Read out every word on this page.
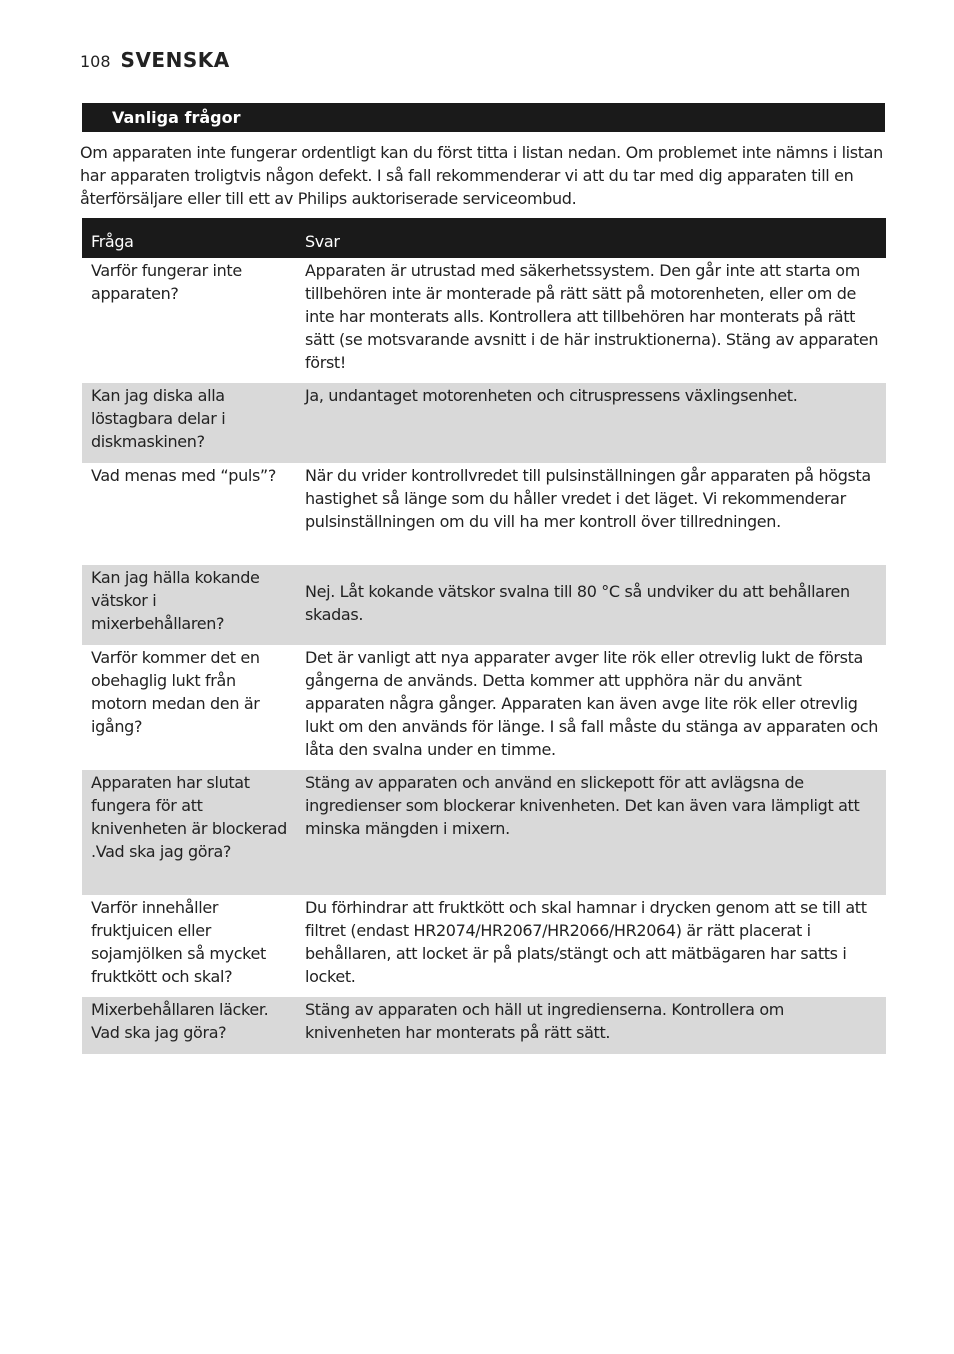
108 SVENSKA
Vanliga frågor

Om apparaten inte fungerar ordentligt kan du först titta i listan nedan. Om problemet inte nämns i listan har apparaten troligtvis någon defekt. I så fall rekommenderar vi att du tar med dig apparaten till en återförsäljare eller till ett av Philips auktoriserade serviceombud.

Fråga	Svar
Varför fungerar inte apparaten?	Apparaten är utrustad med säkerhetssystem. Den går inte att starta om tillbehören inte är monterade på rätt sätt på motorenheten, eller om de inte har monterats alls. Kontrollera att tillbehören har monterats på rätt sätt (se motsvarande avsnitt i de här instruktionerna). Stäng av apparaten först!
Kan jag diska alla löstagbara delar i diskmaskinen?	Ja, undantaget motorenheten och citruspressens växlingsenhet.
Vad menas med “puls”?	När du vrider kontrollvredet till pulsinställningen går apparaten på högsta hastighet så länge som du håller vredet i det läget. Vi rekommenderar pulsinställningen om du vill ha mer kontroll över tillredningen.
Kan jag hälla kokande vätskor i mixerbehållaren?	Nej. Låt kokande vätskor svalna till 80 °C så undviker du att behållaren skadas.
Varför kommer det en obehaglig lukt från motorn medan den är igång?	Det är vanligt att nya apparater avger lite rök eller otrevlig lukt de första gångerna de används. Detta kommer att upphöra när du använt apparaten några gånger. Apparaten kan även avge lite rök eller otrevlig lukt om den används för länge. I så fall måste du stänga av apparaten och låta den svalna under en timme.
Apparaten har slutat fungera för att knivenheten är blockerad .Vad ska jag göra?	Stäng av apparaten och använd en slickepott för att avlägsna de ingredienser som blockerar knivenheten. Det kan även vara lämpligt att minska mängden i mixern.
Varför innehåller fruktjuicen eller sojamjölken så mycket fruktkött och skal?	Du förhindrar att fruktkött och skal hamnar i drycken genom att se till att filtret (endast HR2074/HR2067/HR2066/HR2064) är rätt placerat i behållaren, att locket är på plats/stängt och att mätbägaren har satts i locket.
Mixerbehållaren läcker. Vad ska jag göra?	Stäng av apparaten och häll ut ingredienserna. Kontrollera om knivenheten har monterats på rätt sätt.
